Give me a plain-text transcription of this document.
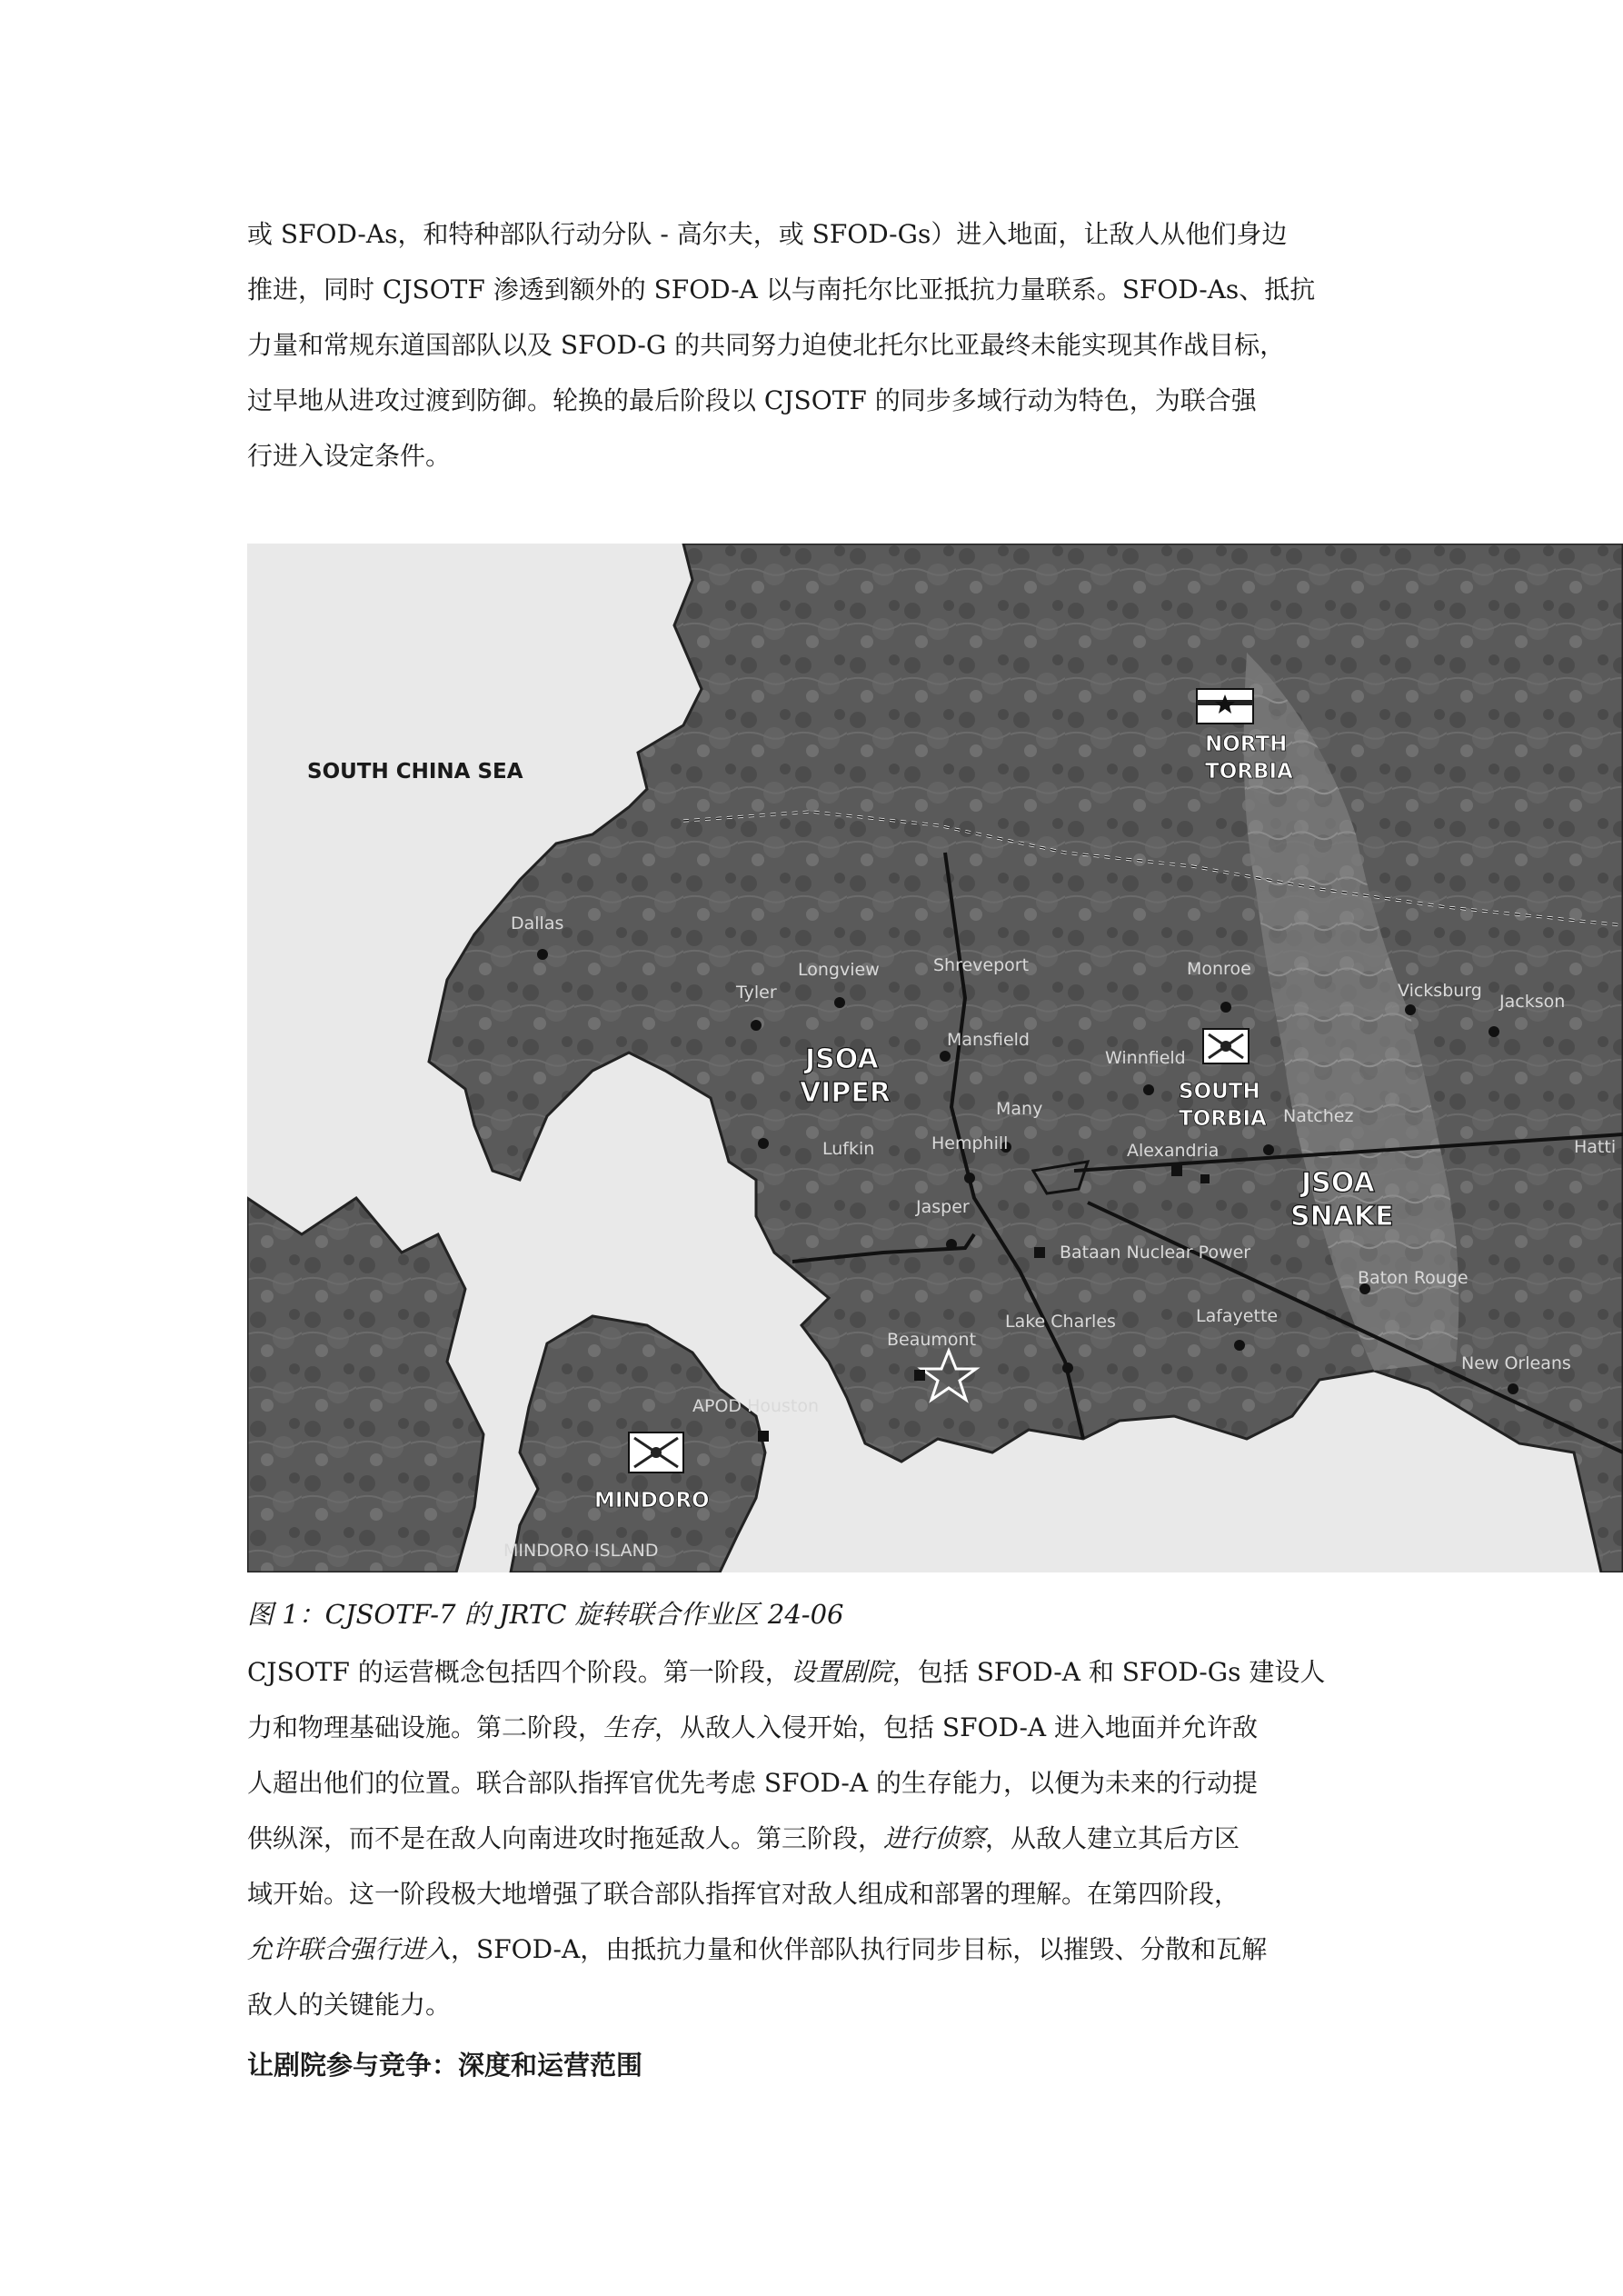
或 SFOD-As，和特种部队行动分队 - 高尔夫，或 SFOD-Gs）进入地面，让敌人从他们身边
推进，同时 CJSOTF 渗透到额外的 SFOD-A 以与南托尔比亚抵抗力量联系。SFOD-As、抵抗
力量和常规东道国部队以及 SFOD-G 的共同努力迫使北托尔比亚最终未能实现其作战目标，
过早地从进攻过渡到防御。轮换的最后阶段以 CJSOTF 的同步多域行动为特色，为联合强
行进入设定条件。
SOUTH CHINA SEA
NORTH
TORBIA
SOUTH
TORBIA
JSOA
VIPER
JSOA
SNAKE
MINDORO
MINDORO ISLAND
Dallas
Longview	Shreveport	Monroe
Vicksburg
Jackson
Tyler
Mansfield
Winnfield
Many	Natchez
Lufkin	Hemphill	Alexandria	Hatti
Jasper
Bataan Nuclear Power
Baton Rouge
Lake Charles	Lafayette
Beaumont
New Orleans
APOD Houston
图 1：CJSOTF-7 的 JRTC 旋转联合作业区 24-06
CJSOTF 的运营概念包括四个阶段。第一阶段，设置剧院，包括 SFOD-A 和 SFOD-Gs 建设人
力和物理基础设施。第二阶段，生存，从敌人入侵开始，包括 SFOD-A 进入地面并允许敌
人超出他们的位置。联合部队指挥官优先考虑 SFOD-A 的生存能力，以便为未来的行动提
供纵深，而不是在敌人向南进攻时拖延敌人。第三阶段，进行侦察，从敌人建立其后方区
域开始。这一阶段极大地增强了联合部队指挥官对敌人组成和部署的理解。在第四阶段，
允许联合强行进入，SFOD-A，由抵抗力量和伙伴部队执行同步目标，以摧毁、分散和瓦解
敌人的关键能力。
让剧院参与竞争：深度和运营范围
